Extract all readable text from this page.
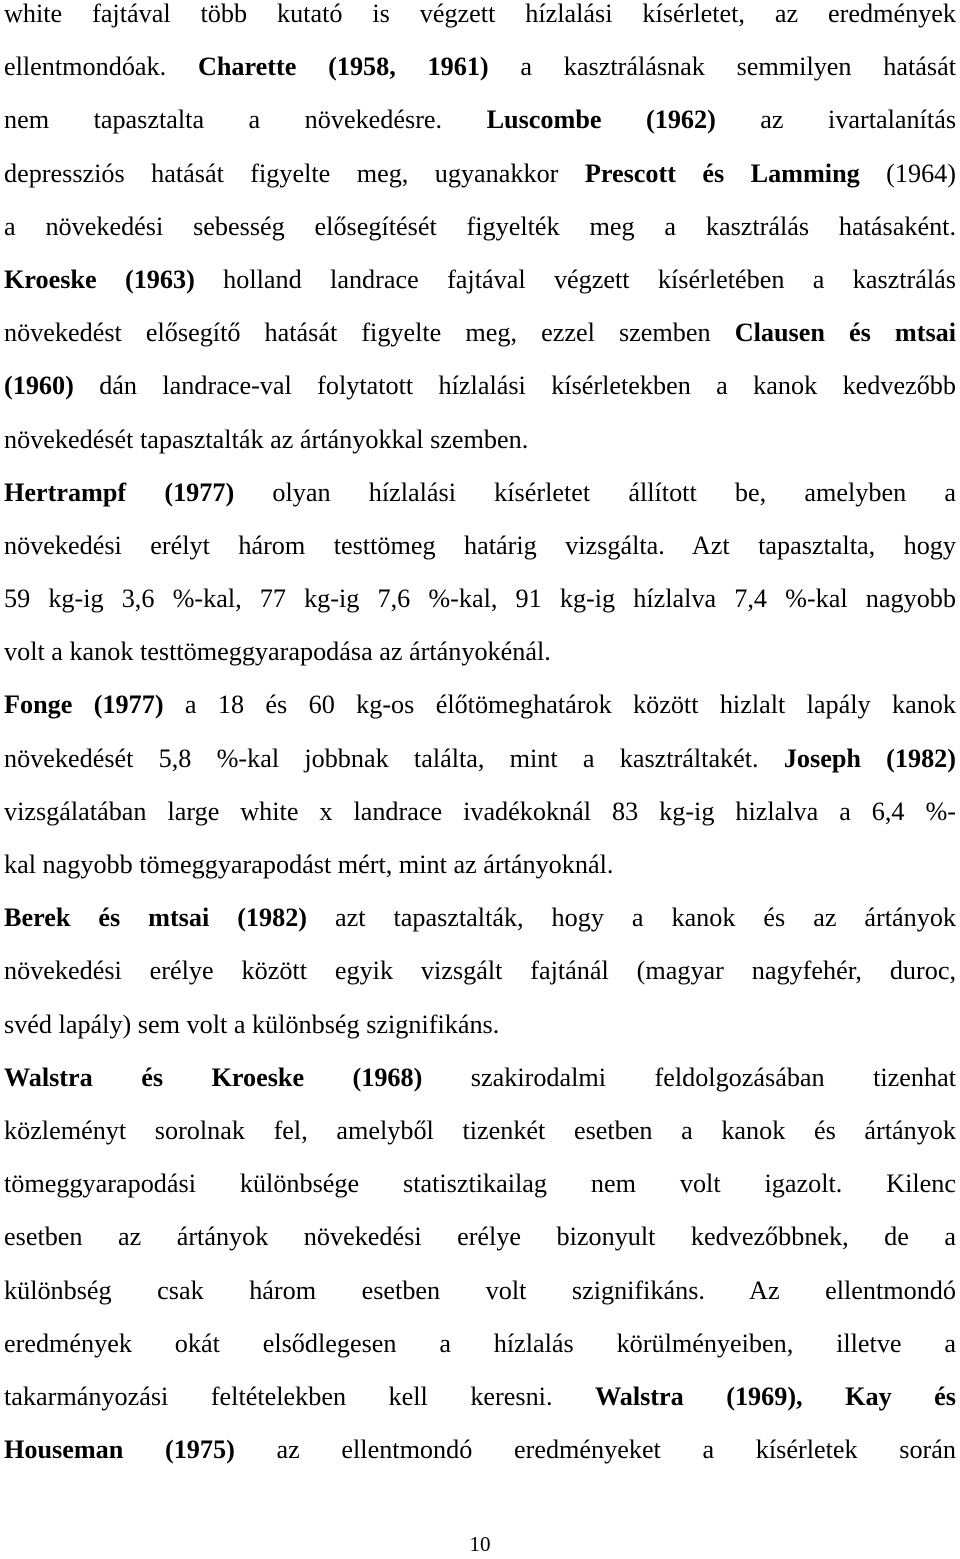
white fajtával több kutató is végzett hízlalási kísérletet, az eredmények
ellentmondóak. Charette (1958, 1961) a kasztrálásnak semmilyen hatását
nem tapasztalta a növekedésre. Luscombe (1962) az ivartalanítás
depressziós hatását figyelte meg, ugyanakkor Prescott és Lamming (1964)
a növekedési sebesség elősegítését figyelték meg a kasztrálás hatásaként.
Kroeske (1963) holland landrace fajtával végzett kísérletében a kasztrálás
növekedést elősegítő hatását figyelte meg, ezzel szemben Clausen és mtsai
(1960) dán landrace-val folytatott hízlalási kísérletekben a kanok kedvezőbb
növekedését tapasztalták az ártányokkal szemben.

Hertrampf (1977) olyan hízlalási kísérletet állított be, amelyben a
növekedési erélyt három testtömeg határig vizsgálta. Azt tapasztalta, hogy
59 kg-ig 3,6 %-kal, 77 kg-ig 7,6 %-kal, 91 kg-ig hízlalva 7,4 %-kal nagyobb
volt a kanok testtömeggyarapodása az ártányokénál.

Fonge (1977) a 18 és 60 kg-os élőtömeghatárok között hizlalt lapály kanok
növekedését 5,8 %-kal jobbnak találta, mint a kasztráltakét. Joseph (1982)
vizsgálatában large white x landrace ivadékoknál 83 kg-ig hizlalva a 6,4 %-
kal nagyobb tömeggyarapodást mért, mint az ártányoknál.

Berek és mtsai (1982) azt tapasztalták, hogy a kanok és az ártányok
növekedési erélye között egyik vizsgált fajtánál (magyar nagyfehér, duroc,
svéd lapály) sem volt a különbség szignifikáns.

Walstra és Kroeske (1968) szakirodalmi feldolgozásában tizenhat
közleményt sorolnak fel, amelyből tizenkét esetben a kanok és ártányok
tömeggyarapodási különbsége statisztikailag nem volt igazolt. Kilenc
esetben az ártányok növekedési erélye bizonyult kedvezőbbnek, de a
különbség csak három esetben volt szignifikáns. Az ellentmondó
eredmények okát elsődlegesen a hízlalás körülményeiben, illetve a
takarmányozási feltételekben kell keresni. Walstra (1969), Kay és
Houseman (1975) az ellentmondó eredményeket a kísérletek során

10
